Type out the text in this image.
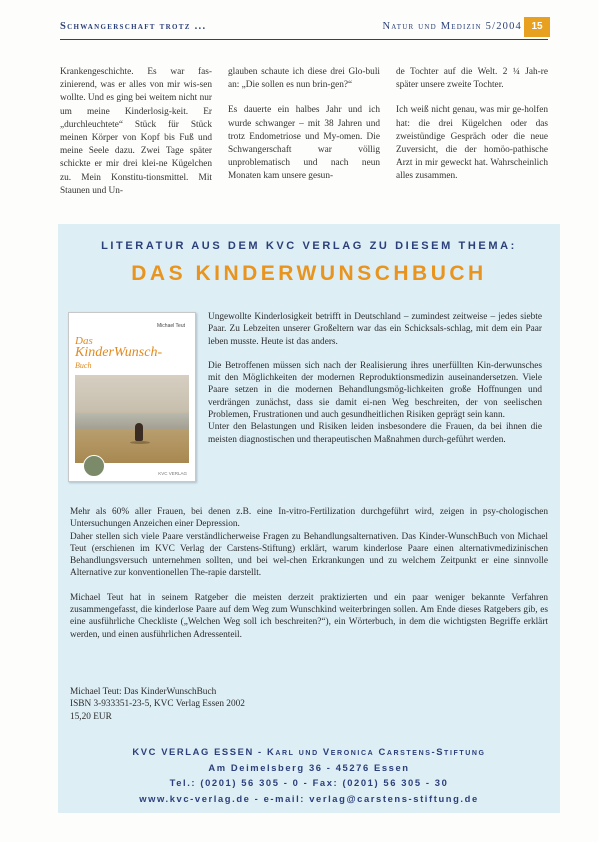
Schwangerschaft trotz ...	Natur und Medizin 5/2004 15

Krankengeschichte. Es war fas-zinierend, was er alles von mir wis-sen wollte. Und es ging bei weitem nicht nur um meine Kinderlosig-keit. Er „durchleuchtete“ Stück für Stück meinen Körper von Kopf bis Fuß und meine Seele dazu. Zwei Tage später schickte er mir drei klei-ne Kügelchen zu. Mein Konstitu-tionsmittel. Mit Staunen und Un-

glauben schaute ich diese drei Glo-buli an: „Die sollen es nun brin-gen?“

Es dauerte ein halbes Jahr und ich wurde schwanger – mit 38 Jahren und trotz Endometriose und My-omen. Die Schwangerschaft war völlig unproblematisch und nach neun Monaten kam unsere gesun-

de Tochter auf die Welt. 2 ¼ Jah-re später unsere zweite Tochter.

Ich weiß nicht genau, was mir ge-holfen hat: die drei Kügelchen oder das zweistündige Gespräch oder die neue Zuversicht, die der homöo-pathische Arzt in mir geweckt hat. Wahrscheinlich alles zusammen.

LITERATUR AUS DEM KVC VERLAG ZU DIESEM THEMA:
DAS KINDERWUNSCHBUCH
Michael Teut
Das
KinderWunsch-
Buch
KVC VERLAG

Ungewollte Kinderlosigkeit betrifft in Deutschland – zumindest zeitweise – jedes siebte Paar. Zu Lebzeiten unserer Großeltern war das ein Schicksals-schlag, mit dem ein Paar leben musste. Heute ist das anders.

Die Betroffenen müssen sich nach der Realisierung ihres unerfüllten Kin-derwunsches mit den Möglichkeiten der modernen Reproduktionsmedizin auseinandersetzen. Viele Paare setzen in die modernen Behandlungsmög-lichkeiten große Hoffnungen und verdrängen zunächst, dass sie damit ei-nen Weg beschreiten, der von seelischen Problemen, Frustrationen und auch gesundheitlichen Risiken geprägt sein kann.

Unter den Belastungen und Risiken leiden insbesondere die Frauen, da bei ihnen die meisten diagnostischen und therapeutischen Maßnahmen durch-geführt werden.

Mehr als 60% aller Frauen, bei denen z.B. eine In-vitro-Fertilization durchgeführt wird, zeigen in psy-chologischen Untersuchungen Anzeichen einer Depression.

Daher stellen sich viele Paare verständlicherweise Fragen zu Behandlungsalternativen. Das Kinder-WunschBuch von Michael Teut (erschienen im KVC Verlag der Carstens-Stiftung) erklärt, warum kinderlose Paare einen alternativmedizinischen Behandlungsversuch unternehmen sollten, und bei wel-chen Erkrankungen und zu welchem Zeitpunkt er eine sinnvolle Alternative zur konventionellen The-rapie darstellt.

Michael Teut hat in seinem Ratgeber die meisten derzeit praktizierten und ein paar weniger bekannte Verfahren zusammengefasst, die kinderlose Paare auf dem Weg zum Wunschkind weiterbringen sollen. Am Ende dieses Ratgebers gib, es eine ausführliche Checkliste („Welchen Weg soll ich beschreiten?“), ein Wörterbuch, in dem die wichtigsten Begriffe erklärt werden, und einen ausführlichen Adressenteil.

Michael Teut: Das KinderWunschBuch
ISBN 3-933351-23-5, KVC Verlag Essen 2002
15,20 EUR
KVC VERLAG ESSEN - Karl und Veronica Carstens-Stiftung
Am Deimelsberg 36 - 45276 Essen
Tel.: (0201) 56 305 - 0 - Fax: (0201) 56 305 - 30
www.kvc-verlag.de - e-mail: verlag@carstens-stiftung.de
